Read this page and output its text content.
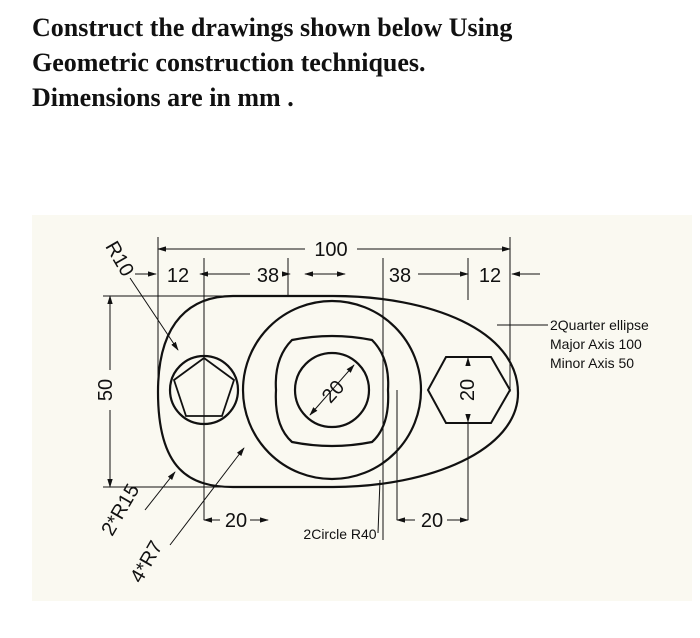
Construct the drawings shown below Using
Geometric construction techniques.
Dimensions are in mm .
100
12	38	38	12
20	20
50	20	20
R10
2*R15
4*R7
2Circle R40
2Quarter ellipse
Major Axis 100
Minor Axis 50
